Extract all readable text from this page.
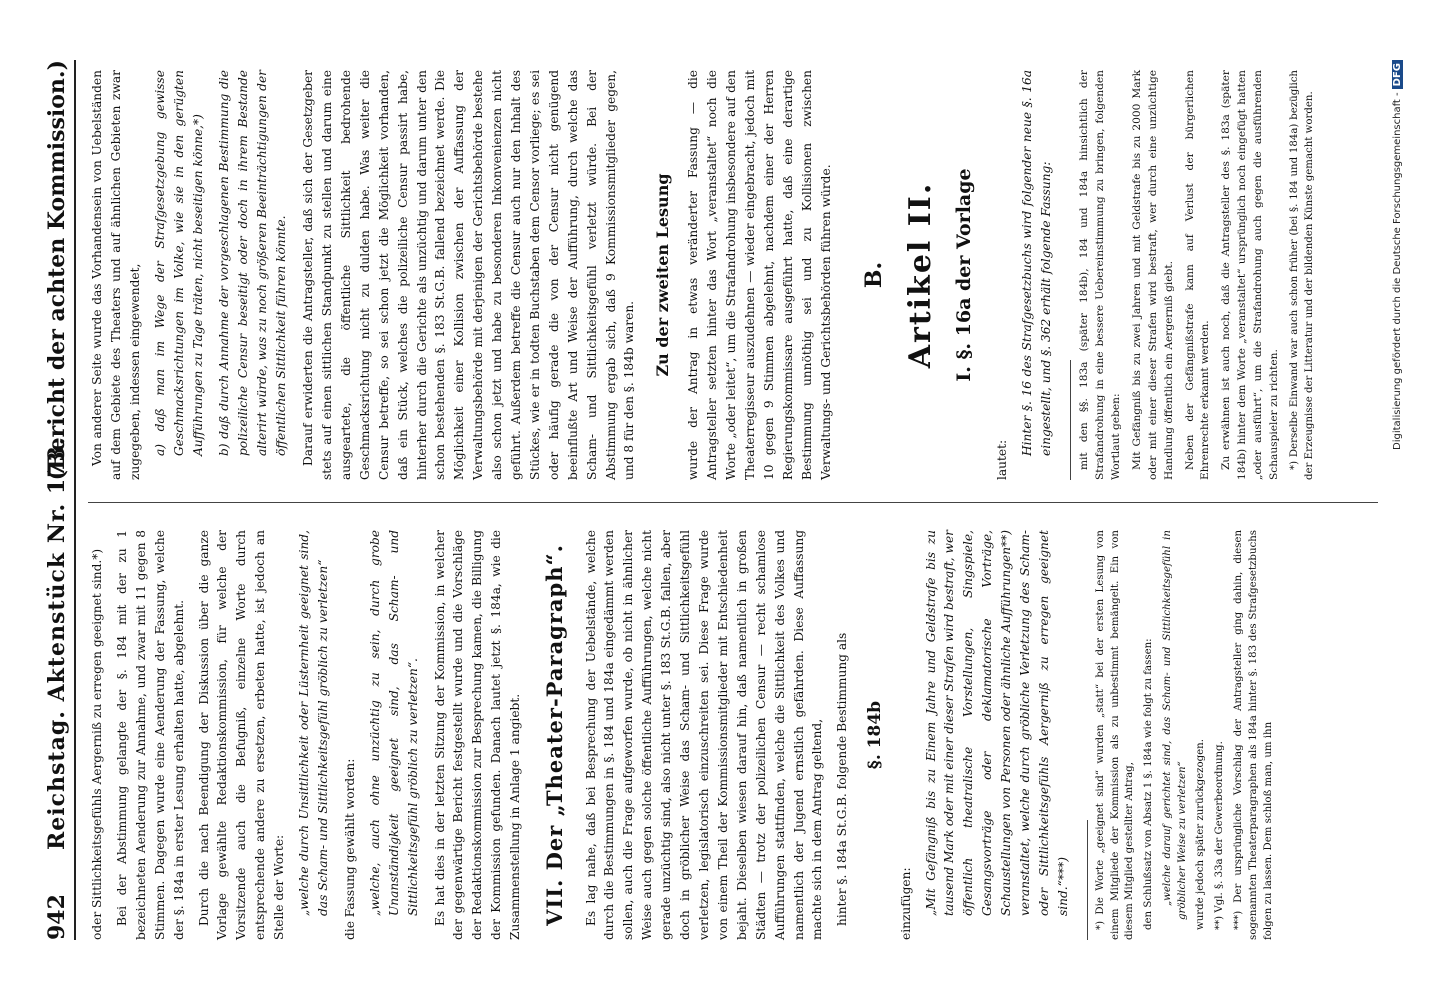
942
Reichstag. Aktenstück Nr. 173.
(Bericht der achten Kommission.)

oder Sittlichkeitsgefühls Aergerniß zu erregen geeignet sind.*) Bei der Abstimmung gelangte der §. 184 mit der zu 1 bezeichneten Aenderung zur Annahme, und zwar mit 11 gegen 8 Stimmen. Dagegen wurde eine Aenderung der Fassung, welche der §. 184a in erster Lesung erhalten hatte, abgelehnt. Durch die nach Beendigung der Diskussion über die ganze Vorlage gewählte Redaktionskommission, für welche der Vorsitzende auch die Befugniß, einzelne Worte durch entsprechende andere zu ersetzen, erbeten hatte, ist jedoch an Stelle der Worte: „welche durch Unsittlichkeit oder Lüsternheit geeignet sind, das Scham- und Sittlichkeitsgefühl gröblich zu verletzen“ die Fassung gewählt worden: „welche, auch ohne unzüchtig zu sein, durch grobe Unanständigkeit geeignet sind, das Scham- und Sittlichkeitsgefühl gröblich zu verletzen“. Es hat dies in der letzten Sitzung der Kommission, in welcher der gegenwärtige Bericht festgestellt wurde und die Vorschläge der Redaktionskommission zur Besprechung kamen, die Billigung der Kommission gefunden. Danach lautet jetzt §. 184a, wie die Zusammenstellung in Anlage 1 angiebt. VII. Der „Theater-Paragraph“.	Es lag nahe, daß bei Besprechung der Uebelstände, welche durch die Bestimmungen in §. 184 und 184a eingedämmt werden sollen, auch die Frage aufgeworfen wurde, ob nicht in ähnlicher Weise auch gegen solche öffentliche Aufführungen, welche nicht gerade unzüchtig sind, also nicht unter §. 183 St.G.B. fallen, aber doch in gröblicher Weise das Scham- und Sittlichkeitsgefühl verletzen, legislatorisch einzuschreiten sei. Diese Frage wurde von einem Theil der Kommissionsmitglieder mit Entschiedenheit bejaht. Dieselben wiesen darauf hin, daß namentlich in großen Städten — trotz der polizeilichen Censur — recht schamlose Aufführungen stattfinden, welche die Sittlichkeit des Volkes und namentlich der Jugend ernstlich gefährden. Diese Auffassung machte sich in dem Antrag geltend, hinter §. 184a St.G.B. folgende Bestimmung als §. 184b

einzufügen: „Mit Gefängniß bis zu Einem Jahre und Geldstrafe bis zu tausend Mark oder mit einer dieser Strafen wird bestraft, wer öffentlich theatralische Vorstellungen, Singspiele, Gesangsvorträge oder deklamatorische Vorträge, Schaustellungen von Personen oder ähnliche Aufführungen**) veranstaltet, welche durch gröbliche Verletzung des Scham- oder Sittlichkeitsgefühls Aergerniß zu erregen geeignet sind.“***) *) Die Worte „geeignet sind“ wurden „statt“ bei der ersten Lesung von einem Mitgliede der Kommission als zu unbestimmt bemängelt. Ein von diesem Mitglied gestellter Antrag, den Schlußsatz von Absatz 1 §. 184a wie folgt zu fassen: „welche darauf gerichtet sind, das Scham- und Sittlichkeitsgefühl in gröblicher Weise zu verletzen“ wurde jedoch später zurückgezogen. **) Vgl. §. 33a der Gewerbeordnung. ***) Der ursprüngliche Vorschlag der Antragsteller ging dahin, diesen sogenannten Theaterparagraphen als 184a hinter §. 183 des Strafgesetzbuchs folgen zu lassen. Dem schloß man, um ihn

Von anderer Seite wurde das Vorhandensein von Uebelständen auf dem Gebiete des Theaters und auf ähnlichen Gebieten zwar zugegeben, indessen eingewendet, a) daß man im Wege der Strafgesetzgebung gewisse Geschmacksrichtungen im Volke, wie sie in den gerügten Aufführungen zu Tage träten, nicht beseitigen könne,*) b) daß durch Annahme der vorgeschlagenen Bestimmung die polizeiliche Censur beseitigt oder doch in ihrem Bestande alterirt würde, was zu noch größeren Beeinträchtigungen der öffentlichen Sittlichkeit führen könnte. Darauf erwiderten die Antragsteller, daß sich der Gesetzgeber stets auf einen sittlichen Standpunkt zu stellen und darum eine ausgeartete, die öffentliche Sittlichkeit bedrohende Geschmacksrichtung nicht zu dulden habe. Was weiter die Censur betreffe, so sei schon jetzt die Möglichkeit vorhanden, daß ein Stück, welches die polizeiliche Censur passirt habe, hinterher durch die Gerichte als unzüchtig und darum unter den schon bestehenden §. 183 St.G.B. fallend bezeichnet werde. Die Möglichkeit einer Kollision zwischen der Auffassung der Verwaltungsbehörde mit derjenigen der Gerichtsbehörde bestehe also schon jetzt und habe zu besonderen Inkonvenienzen nicht geführt. Außerdem betreffe die Censur auch nur den Inhalt des Stückes, wie er in todten Buchstaben dem Censor vorliege; es sei oder häufig gerade die von der Censur nicht genügend beeinflußte Art und Weise der Aufführung, durch welche das Scham- und Sittlichkeitsgefühl verletzt würde. Bei der Abstimmung ergab sich, daß 9 Kommissionsmitglieder gegen, und 8 für den §. 184b waren.

Zu der zweiten Lesung	wurde der Antrag in etwas veränderter Fassung — die Antragsteller setzten hinter das Wort „veranstaltet“ noch die Worte „oder leitet“, um die Strafandrohung insbesondere auf den Theaterregisseur auszudehnen — wieder eingebracht, jedoch mit 10 gegen 9 Stimmen abgelehnt, nachdem einer der Herren Regierungskommissare ausgeführt hatte, daß eine derartige Bestimmung unnöthig sei und zu Kollisionen zwischen Verwaltungs- und Gerichtsbehörden führen würde. B. Artikel II. I. §. 16a der Vorlage

lautet:

Hinter §. 16 des Strafgesetzbuchs wird folgender neue §. 16a eingestellt, und §. 362 erhält folgende Fassung: mit den §§. 183a (später 184b), 184 und 184a hinsichtlich der Strafandrohung in eine bessere Uebereinstimmung zu bringen, folgenden Wortlaut geben: Mit Gefängniß bis zu zwei Jahren und mit Geldstrafe bis zu 2000 Mark oder mit einer dieser Strafen wird bestraft, wer durch eine unzüchtige Handlung öffentlich ein Aergerniß giebt. Neben der Gefängnißstrafe kann auf Verlust der bürgerlichen Ehrenrechte erkannt werden. Zu erwähnen ist auch noch, daß die Antragsteller des §. 183a (später 184b) hinter dem Worte „veranstaltet“ ursprünglich noch eingefügt hatten „oder ausführt“, um die Strafandrohung auch gegen die ausführenden Schauspieler zu richten. *) Derselbe Einwand war auch schon früher (bei §. 184 und 184a) bezüglich der Erzeugnisse der Litteratur und der bildenden Künste gemacht worden.	Digitalisierung gefördert durch die Deutsche Forschungsgemeinschaft -DFG
